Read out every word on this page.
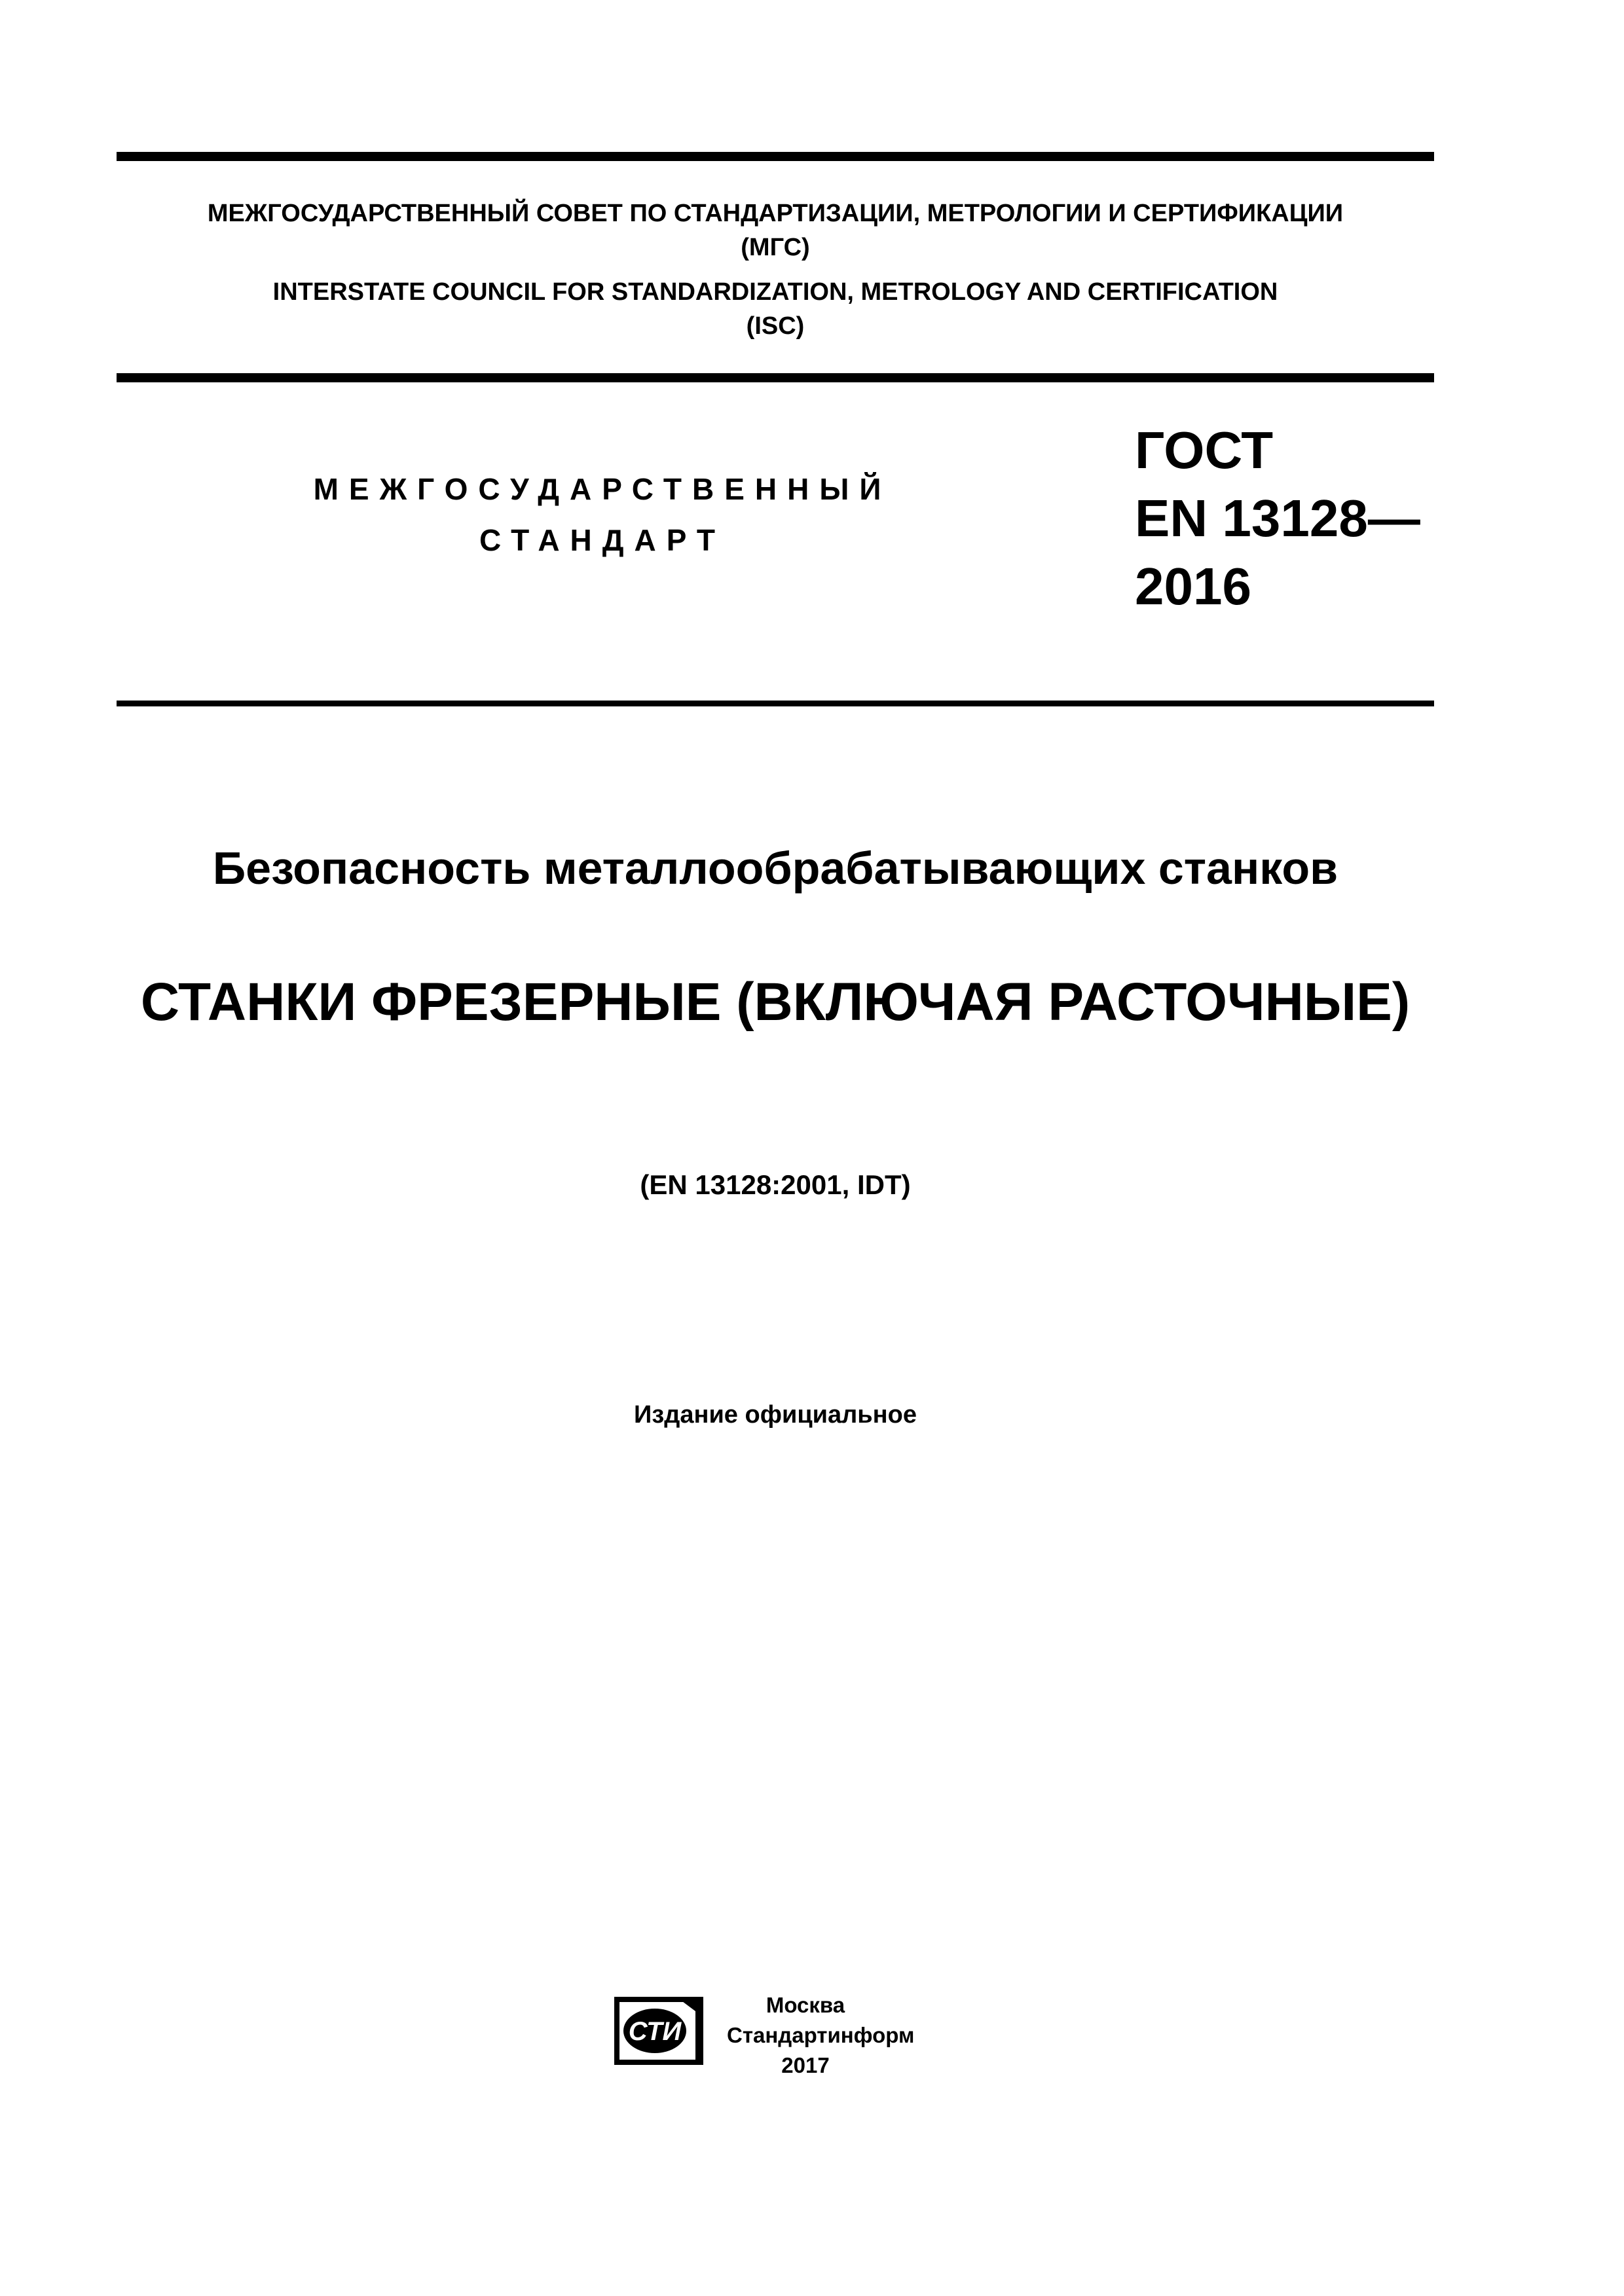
МЕЖГОСУДАРСТВЕННЫЙ СОВЕТ ПО СТАНДАРТИЗАЦИИ, МЕТРОЛОГИИ И СЕРТИФИКАЦИИ
(МГС)
INTERSTATE COUNCIL FOR STANDARDIZATION, METROLOGY AND CERTIFICATION
(ISC)
МЕЖГОСУДАРСТВЕННЫЙ
СТАНДАРТ
ГОСТ
EN 13128—
2016
Безопасность металлообрабатывающих станков
СТАНКИ ФРЕЗЕРНЫЕ (ВКЛЮЧАЯ РАСТОЧНЫЕ)
(EN 13128:2001, IDT)
Издание официальное
СТИ
Москва
Стандартинформ
2017
